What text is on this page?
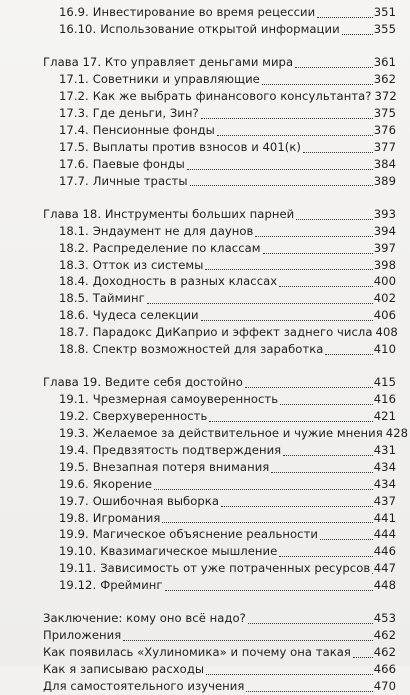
16.9. Инвестирование во время рецессии	351
16.10. Использование открытой информации	355
Глава 17. Кто управляет деньгами мира	361
17.1. Советники и управляющие	362
17.2. Как же выбрать финансового консультанта? 372
17.3. Где деньги, Зин?	375
17.4. Пенсионные фонды	376
17.5. Выплаты против взносов и 401(к)	377
17.6. Паевые фонды	384
17.7. Личные трасты	389
Глава 18. Инструменты больших парней	393
18.1. Эндаумент не для даунов	394
18.2. Распределение по классам	397
18.3. Отток из системы	398
18.4. Доходность в разных классах	400
18.5. Тайминг	402
18.6. Чудеса селекции	406
18.7. Парадокс ДиКаприо и эффект заднего числа 408
18.8. Спектр возможностей для заработка	410
Глава 19. Ведите себя достойно	415
19.1. Чрезмерная самоуверенность	416
19.2. Сверхуверенность	421
19.3. Желаемое за действительное и чужие мнения 428
19.4. Предвзятость подтверждения	431
19.5. Внезапная потеря внимания	434
19.6. Якорение	434
19.7. Ошибочная выборка	437
19.8. Игромания	441
19.9. Магическое объяснение реальности	444
19.10. Квазимагическое мышление	446
19.11. Зависимость от уже потраченных ресурсов 447
19.12. Фрейминг	448
Заключение: кому оно всё надо?	453
Приложения	462
Как появилась «Хулиномика» и почему она такая 462
Как я записываю расходы	466
Для самостоятельного изучения	470
